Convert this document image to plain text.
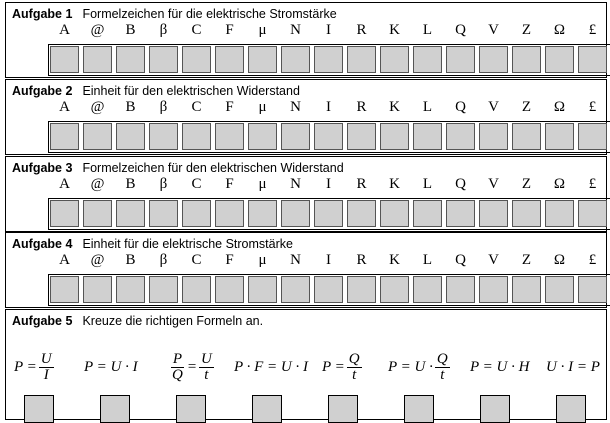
Aufgabe 1 Formelzeichen für die elektrische Stromstärke
A	@	B	β	C	F	μ	N	I	R	K	L	Q	V	Z	Ω	£
Aufgabe 2 Einheit für den elektrischen Widerstand
A	@	B	β	C	F	μ	N	I	R	K	L	Q	V	Z	Ω	£
Aufgabe 3 Formelzeichen für den elektrischen Widerstand
A	@	B	β	C	F	μ	N	I	R	K	L	Q	V	Z	Ω	£
Aufgabe 4 Einheit für die elektrische Stromstärke
A	@	B	β	C	F	μ	N	I	R	K	L	Q	V	Z	Ω	£
Aufgabe 5 Kreuze die richtigen Formeln an.
$P = \frac{U}{I}$ P = U · I $\frac{P}{Q} = \frac{U}{t}$ P · F = U · I $P = \frac{Q}{t}$ $P = U \cdot \frac{Q}{t}$ P = U · H U · I = P
